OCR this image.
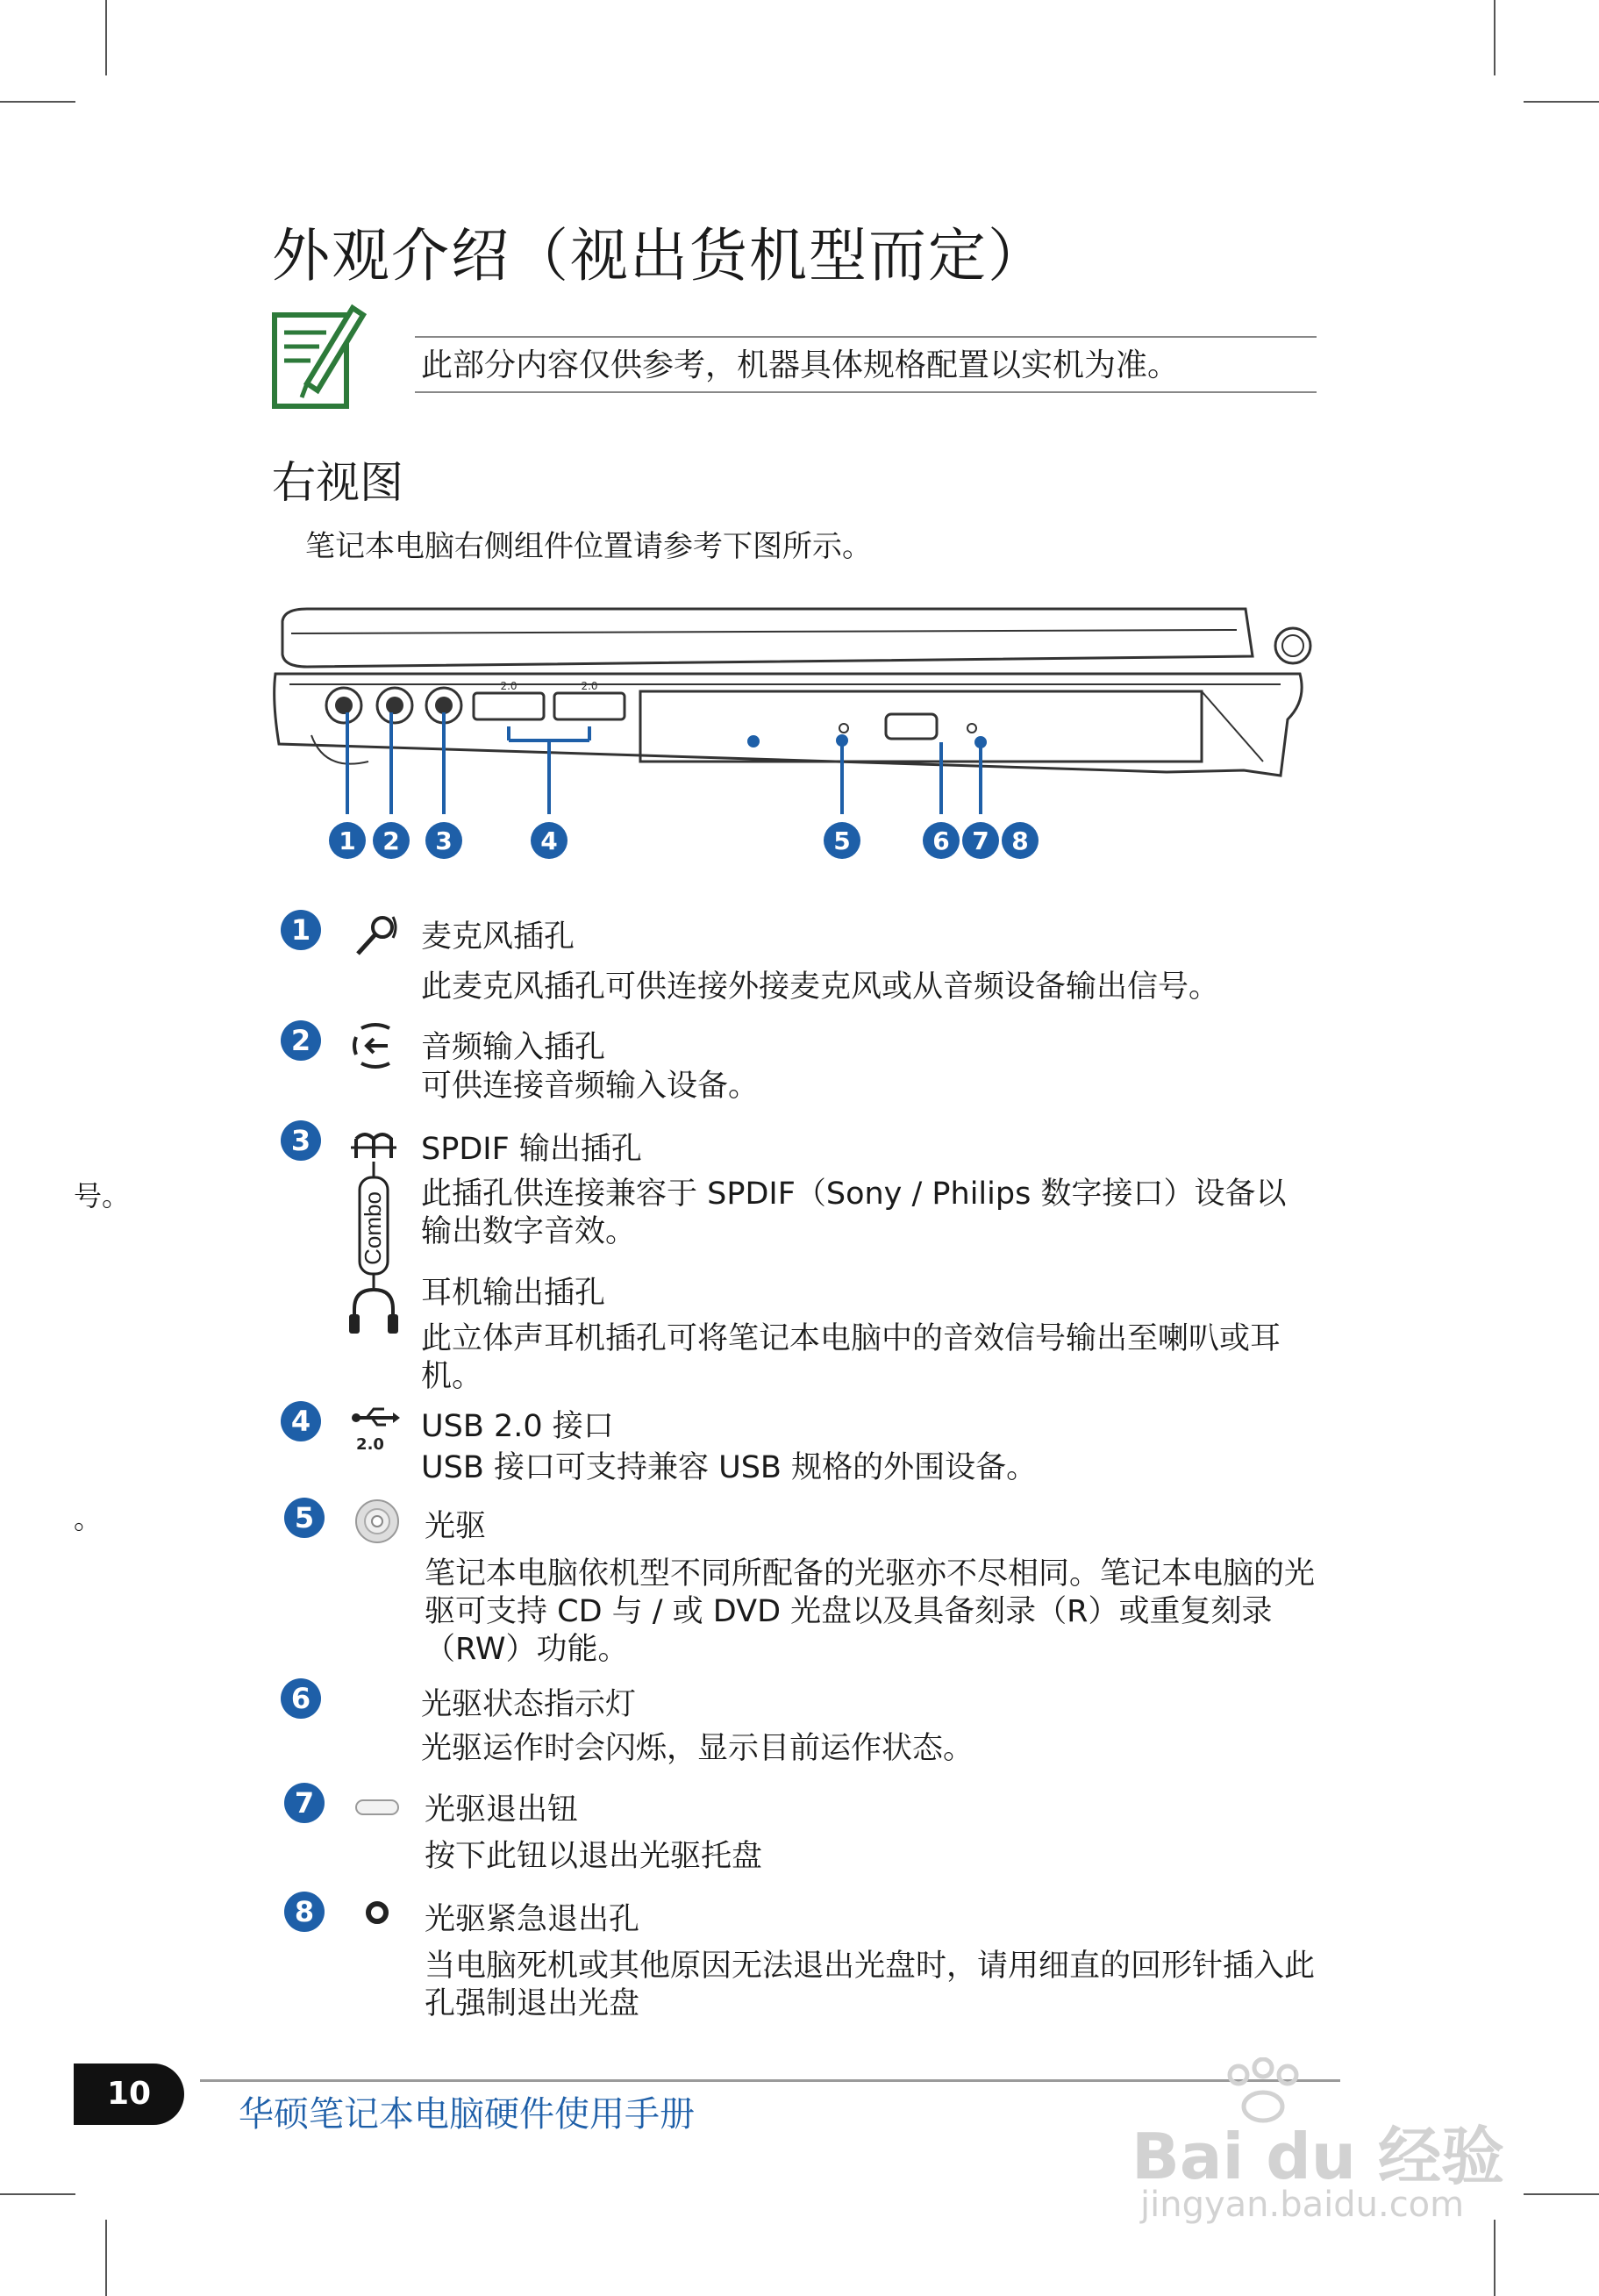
外观介绍（视出货机型而定）
此部分内容仅供参考，机器具体规格配置以实机为准。
右视图
笔记本电脑右侧组件位置请参考下图所示。
2.0	2.0
1 2 3	4	5	6 7 8
1	麦克风插孔
此麦克风插孔可供连接外接麦克风或从音频设备输出信号。
2	音频输入插孔
可供连接音频输入设备。
3
Combo
SPDIF 输出插孔
此插孔供连接兼容于 SPDIF（Sony / Philips 数字接口）设备以输出数字音效。
耳机输出插孔
此立体声耳机插孔可将笔记本电脑中的音效信号输出至喇叭或耳机。
4
2.0
USB 2.0 接口
USB 接口可支持兼容 USB 规格的外围设备。
5	光驱
笔记本电脑依机型不同所配备的光驱亦不尽相同。笔记本电脑的光驱可支持 CD 与 / 或 DVD 光盘以及具备刻录（R）或重复刻录（RW）功能。
6	光驱状态指示灯
光驱运作时会闪烁，显示目前运作状态。
7	光驱退出钮
按下此钮以退出光驱托盘
8	光驱紧急退出孔
当电脑死机或其他原因无法退出光盘时，请用细直的回形针插入此孔强制退出光盘
号。
。
10
华硕笔记本电脑硬件使用手册
Bai du 经验
jingyan.baidu.com
